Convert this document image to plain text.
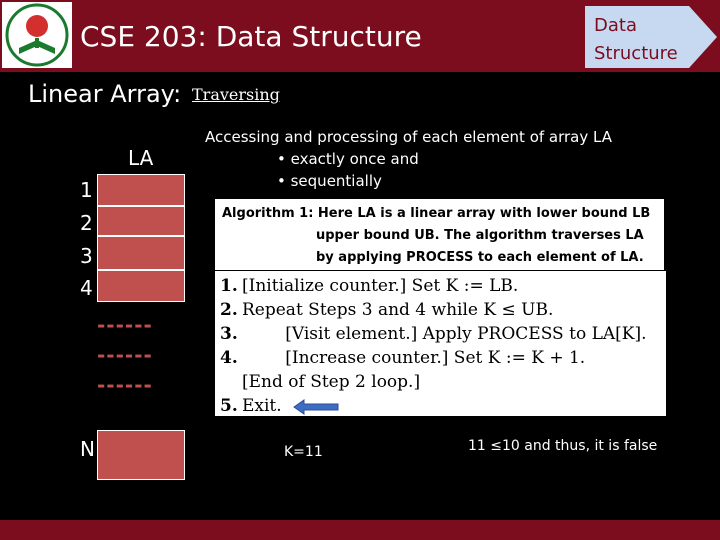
CSE 203: Data Structure	Data
Structure
Linear Array: Traversing
LA
1
2
3
4
N
------
------
------

Accessing and processing of each element of array LA

• exactly once and

• sequentially

Algorithm 1: Here LA is a linear array with lower bound LB
upper bound UB. The algorithm traverses LA
by applying PROCESS to each element of LA.
1. [Initialize counter.] Set K := LB.
2. Repeat Steps 3 and 4 while K ≤ UB.
3.        [Visit element.] Apply PROCESS to LA[K].
4.        [Increase counter.] Set K := K + 1.
[End of Step 2 loop.]
5. Exit.
K=11	11 ≤10 and thus, it is false
